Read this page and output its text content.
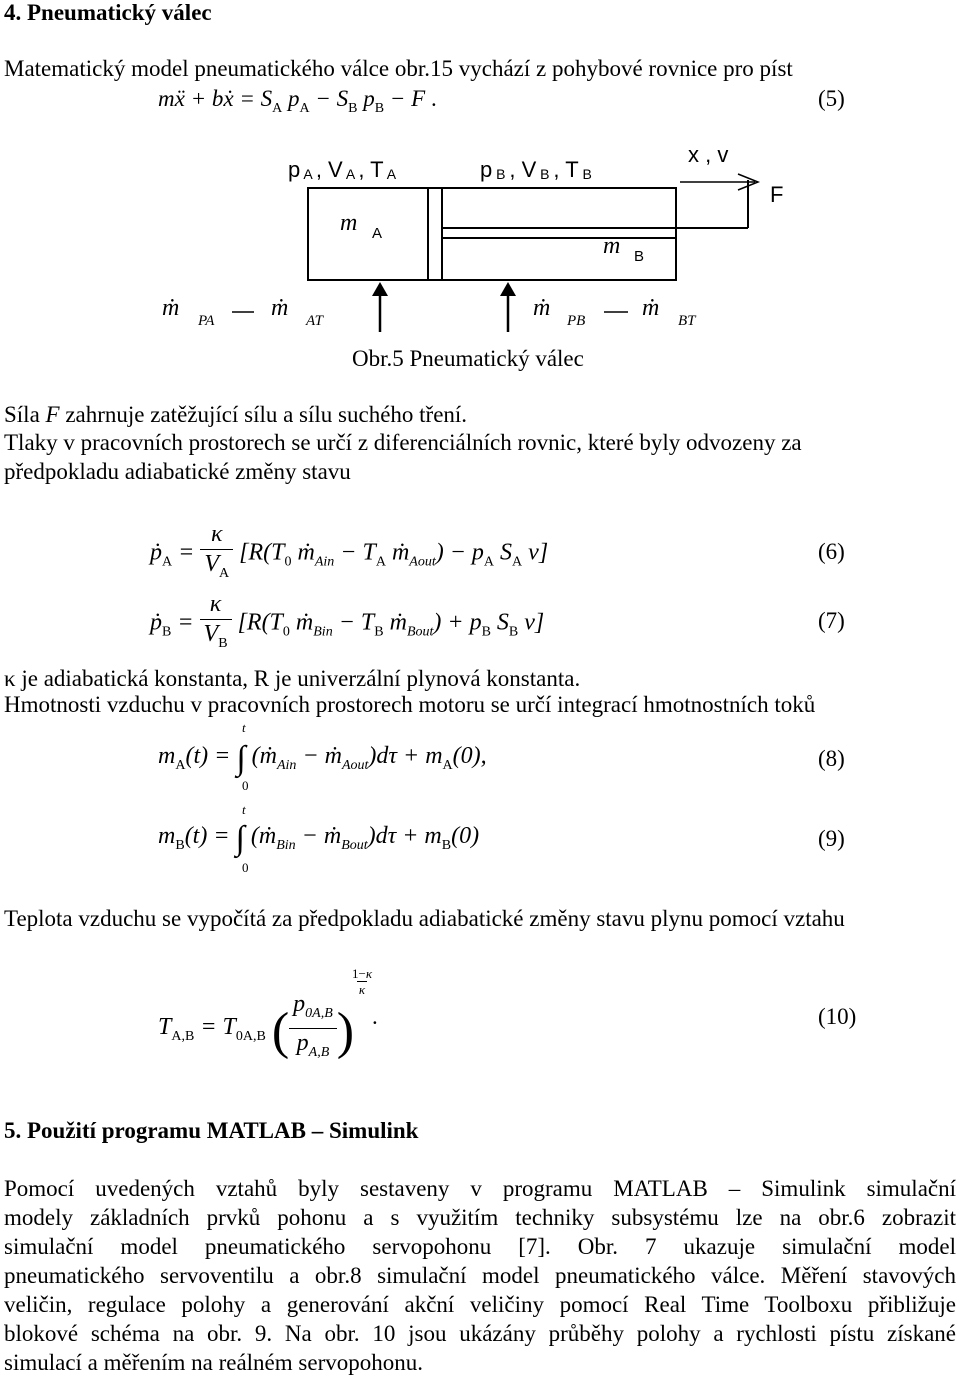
4. Pneumatický válec
Matematický model pneumatického válce obr.15 vychází z pohybové rovnice pro píst
mẍ + bẋ = $S_A$ $p_A - S_B$ $p_B - F$ .	(5)
p A , V A , T A	p B , V B , T B
x , v
F
m A	m B
ṁ PA ṁ AT	ṁ PB ṁ BT
Obr.5 Pneumatický válec
Síla F zahrnuje zatěžující sílu a sílu suchého tření.
Tlaky v pracovních prostorech se určí z diferenciálních rovnic, které byly odvozeny za
předpokladu adiabatické změny stavu
ṗ$_A$ = $\frac{\kappa}{V_A} [R(T_0$ ṁ$_{Ain}$ − $T_A$ ṁ$_{Aout}$) − $p_A$ $S_A$ v]	(6)
ṗ$_B$ = $\frac{\kappa}{V_B} [R(T_0$ ṁ$_{Bin}$ − $T_B$ ṁ$_{Bout}$) + $p_B$ $S_B$ v]	(7)
κ je adiabatická konstanta, R je univerzální plynová konstanta.
Hmotnosti vzduchu v pracovních prostorech motoru se určí integrací hmotnostních toků
t
$m_A(t)$ = ∫ (ṁ$_{Ain}$ − ṁ$_{Aout}$)dτ + $m_A(0)$,
0
(8)
t
$m_B(t)$ = ∫ (ṁ$_{Bin}$ − ṁ$_{Bout}$)dτ + $m_B(0)$
0
(9)
Teplota vzduchu se vypočítá za předpokladu adiabatické změny stavu plynu pomocí vztahu
$T_{A,B} = T_{0A,B}$ ( $\frac{p_{0A,B}}{p_{A,B}}$ )
1−κ
κ
.	(10)
5. Použití programu MATLAB – Simulink
Pomocí uvedených vztahů byly sestaveny v programu MATLAB – Simulink simulační
modely základních prvků pohonu a s využitím techniky subsystému lze na obr.6 zobrazit
simulační model pneumatického servopohonu [7]. Obr. 7 ukazuje simulační model
pneumatického servoventilu a obr.8 simulační model pneumatického válce. Měření stavových
veličin, regulace polohy a generování akční veličiny pomocí Real Time Toolboxu přibližuje
blokové schéma na obr. 9. Na obr. 10 jsou ukázány průběhy polohy a rychlosti pístu získané
simulací a měřením na reálném servopohonu.
